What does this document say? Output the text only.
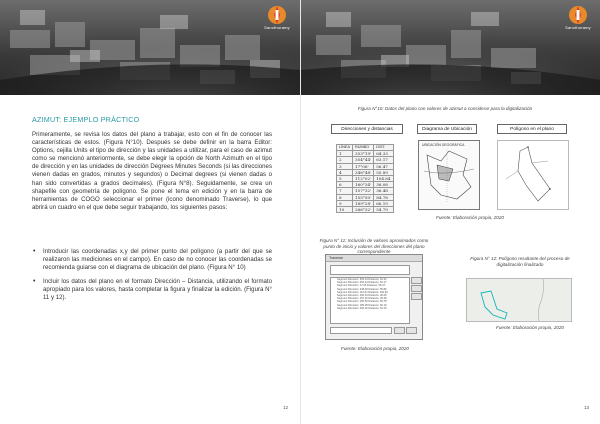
Sancthoramy
AZIMUT: EJEMPLO PRÁCTICO

Primeramente, se revisa los datos del plano a trabajar, esto con el fin de conocer las características de estos. (Figura N°10). Después se debe definir en la barra Editor: Options, cejilla Units el tipo de dirección y las unidades a utilizar, para el caso de azimut como se mencionó anteriormente, se debe elegir la opción de North Azimuth en el tipo de dirección y en las unidades de dirección Degrees Minutes Seconds (si las direcciones vienen dadas en grados, minutos y segundos) o Decimal degrees (si vienen dadas o han sido convertidas a grados decimales). (Figura N°8). Seguidamente, se crea un shapefile con geometría de polígono. Se pone el tema en edición y en la barra de herramientas de COGO seleccionar el primer (icono denominado Traverse), lo que abrirá un cuadro en el que debe seguir trabajando, los siguientes pasos:

• Introducir las coordenadas x,y del primer punto del polígono (a partir del que se realizaron las mediciones en el campo). En caso de no conocer las coordenadas se recomienda guiarse con el diagrama de ubicación del plano. (Figura N° 10)
• Incluir los datos del plano en el formato Dirección – Distancia, utilizando el formato apropiado para los valores, hasta completar la figura y finalizar la edición. (Figura N° 11 y 12).
12
Sancthoramy
Figura N°10: Datos del plano con valores de azimut a considerar para la digitalización
Direcciones y distancias	Diagrama de Ubicación	Polígono en el plano
LÍNEA	RUMBO	DIST.
1	353°19'	64.33
2	354°44'	63.17
3	17°06'	56.47
4	348°48'	55.89
5	112°02'	104.84
6	160°34'	36.08
7	157°32'	36.48
8	155°50'	84.78
9	189°28'	66.19
10	266°32'	54.79
UBICACIÓN GEOGRÁFICA
Fuente: Elaboración propia, 2020
Figura N° 11: Inclusión de valores aproximados como punto de inicio y valores del direcciones del plano correspondiente
Traverse
Segment Direction: 353.19 Distance: 64.33
Segment Direction: 354.44 Distance: 63.17
Segment Direction: 17.06 Distance: 56.47
Segment Direction: 348.48 Distance: 55.89
Segment Direction: 112.02 Distance: 104.84
Segment Direction: 160.34 Distance: 36.08
Segment Direction: 157.32 Distance: 36.48
Segment Direction: 155.50 Distance: 84.78
Segment Direction: 189.28 Distance: 66.19
Segment Direction: 266.32 Distance: 54.79
Fuente: Elaboración propia, 2020
Figura N° 12: Polígono resultante del proceso de digitalización finalizado
Fuente: Elaboración propia, 2020
13
